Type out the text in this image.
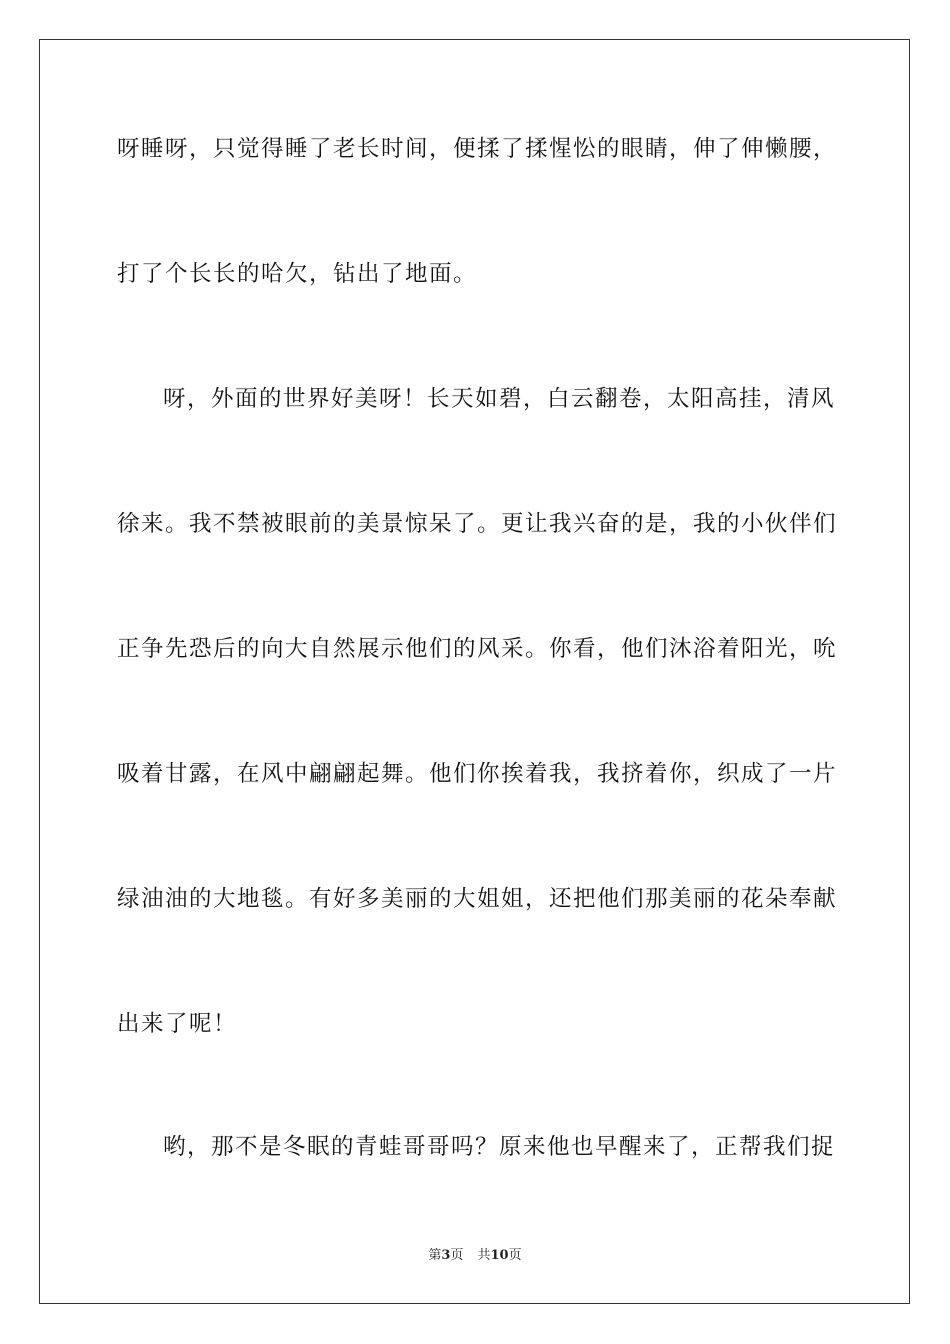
呀睡呀，只觉得睡了老长时间，便揉了揉惺忪的眼睛，伸了伸懒腰，
打了个长长的哈欠，钻出了地面。
呀，外面的世界好美呀！长天如碧，白云翻卷，太阳高挂，清风
徐来。我不禁被眼前的美景惊呆了。更让我兴奋的是，我的小伙伴们
正争先恐后的向大自然展示他们的风采。你看，他们沐浴着阳光，吮
吸着甘露，在风中翩翩起舞。他们你挨着我，我挤着你，织成了一片
绿油油的大地毯。有好多美丽的大姐姐，还把他们那美丽的花朵奉献
出来了呢！
哟，那不是冬眠的青蛙哥哥吗？原来他也早醒来了，正帮我们捉
第3页 共10页
